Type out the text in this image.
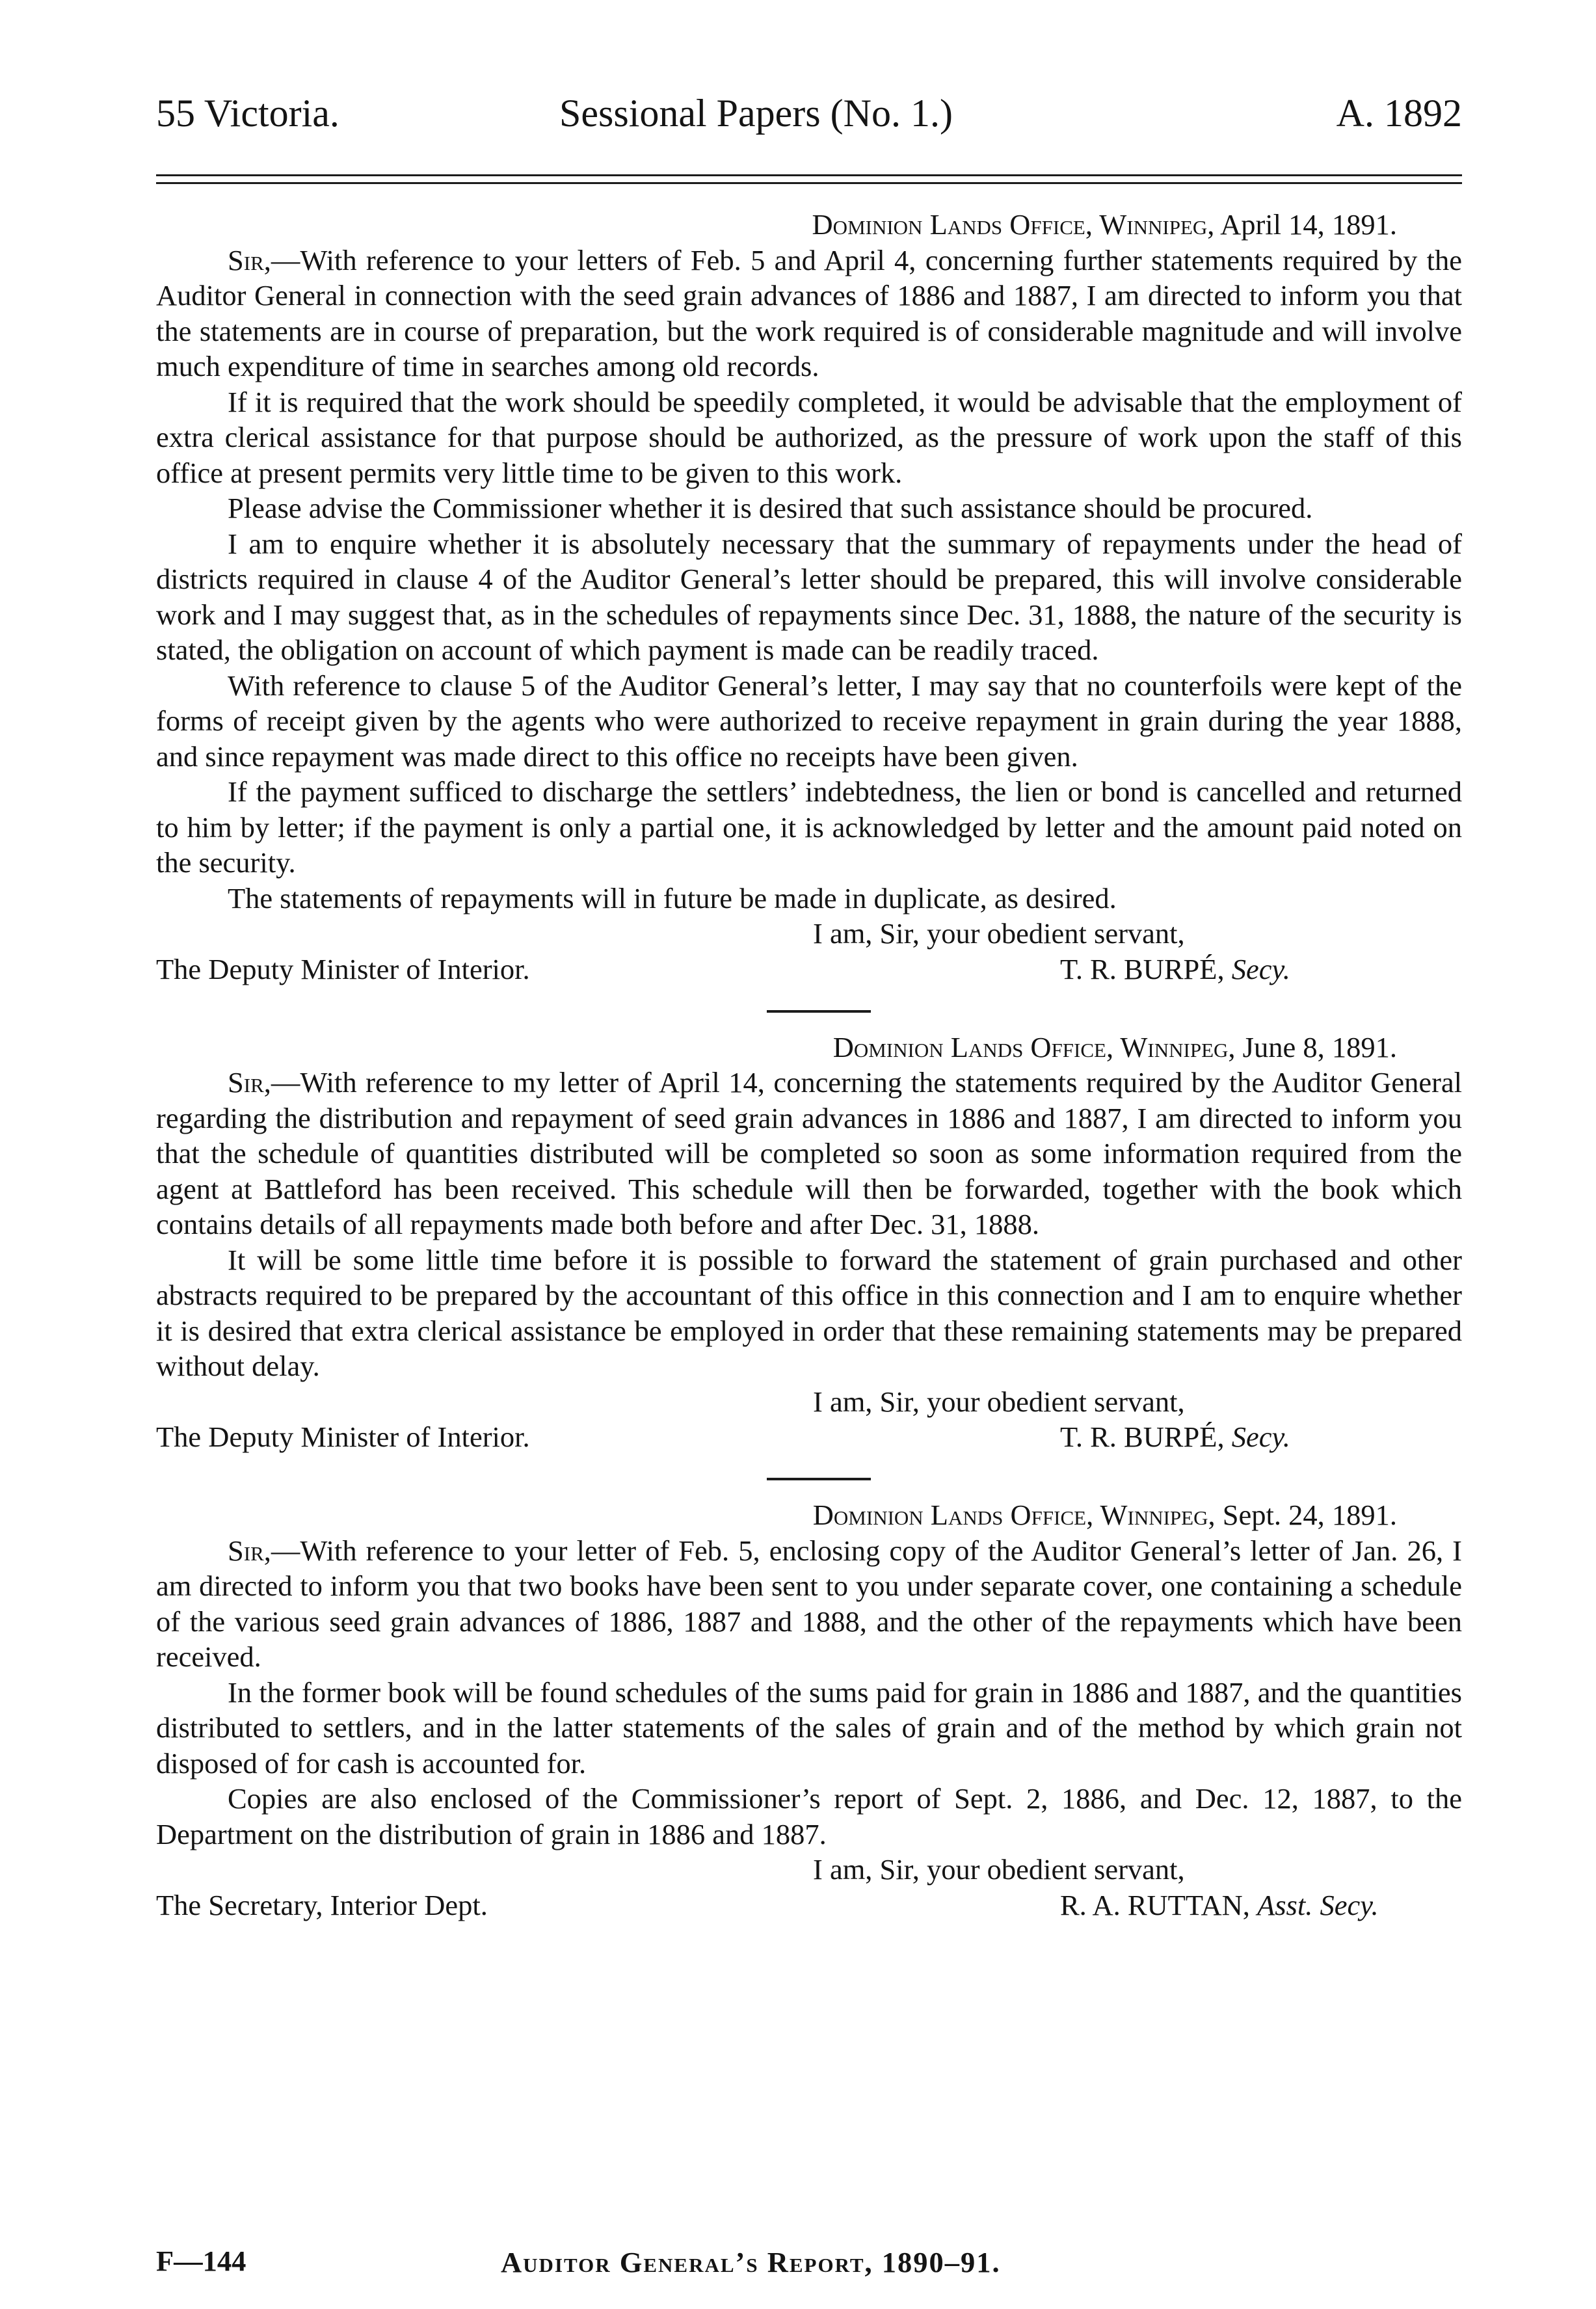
55 Victoria.	Sessional Papers (No. 1.)	A. 1892
Dominion Lands Office, Winnipeg, April 14, 1891.

Sir,—With reference to your letters of Feb. 5 and April 4, concerning further statements required by the Auditor General in connection with the seed grain advances of 1886 and 1887, I am directed to inform you that the statements are in course of preparation, but the work required is of considerable magnitude and will involve much expenditure of time in searches among old records.

If it is required that the work should be speedily completed, it would be advisable that the employment of extra clerical assistance for that purpose should be authorized, as the pressure of work upon the staff of this office at present permits very little time to be given to this work.

Please advise the Commissioner whether it is desired that such assistance should be procured.

I am to enquire whether it is absolutely necessary that the summary of repayments under the head of districts required in clause 4 of the Auditor General’s letter should be prepared, this will involve considerable work and I may suggest that, as in the schedules of repayments since Dec. 31, 1888, the nature of the security is stated, the obligation on account of which payment is made can be readily traced.

With reference to clause 5 of the Auditor General’s letter, I may say that no counterfoils were kept of the forms of receipt given by the agents who were authorized to receive repayment in grain during the year 1888, and since repayment was made direct to this office no receipts have been given.

If the payment sufficed to discharge the settlers’ indebtedness, the lien or bond is cancelled and returned to him by letter; if the payment is only a partial one, it is acknowledged by letter and the amount paid noted on the security.

The statements of repayments will in future be made in duplicate, as desired.

I am, Sir, your obedient servant,

The Deputy Minister of Interior.	T. R. BURPÉ, Secy.
Dominion Lands Office, Winnipeg, June 8, 1891.

Sir,—With reference to my letter of April 14, concerning the statements required by the Auditor General regarding the distribution and repayment of seed grain advances in 1886 and 1887, I am directed to inform you that the schedule of quantities distributed will be completed so soon as some information required from the agent at Battleford has been received. This schedule will then be forwarded, together with the book which contains details of all repayments made both before and after Dec. 31, 1888.

It will be some little time before it is possible to forward the statement of grain purchased and other abstracts required to be prepared by the accountant of this office in this connection and I am to enquire whether it is desired that extra clerical assistance be employed in order that these remaining statements may be prepared without delay.

I am, Sir, your obedient servant,

The Deputy Minister of Interior.	T. R. BURPÉ, Secy.
Dominion Lands Office, Winnipeg, Sept. 24, 1891.

Sir,—With reference to your letter of Feb. 5, enclosing copy of the Auditor General’s letter of Jan. 26, I am directed to inform you that two books have been sent to you under separate cover, one containing a schedule of the various seed grain advances of 1886, 1887 and 1888, and the other of the repayments which have been received.

In the former book will be found schedules of the sums paid for grain in 1886 and 1887, and the quantities distributed to settlers, and in the latter statements of the sales of grain and of the method by which grain not disposed of for cash is accounted for.

Copies are also enclosed of the Commissioner’s report of Sept. 2, 1886, and Dec. 12, 1887, to the Department on the distribution of grain in 1886 and 1887.

I am, Sir, your obedient servant,

The Secretary, Interior Dept.	R. A. RUTTAN, Asst. Secy.
F—144	Auditor General’s Report, 1890–91.
